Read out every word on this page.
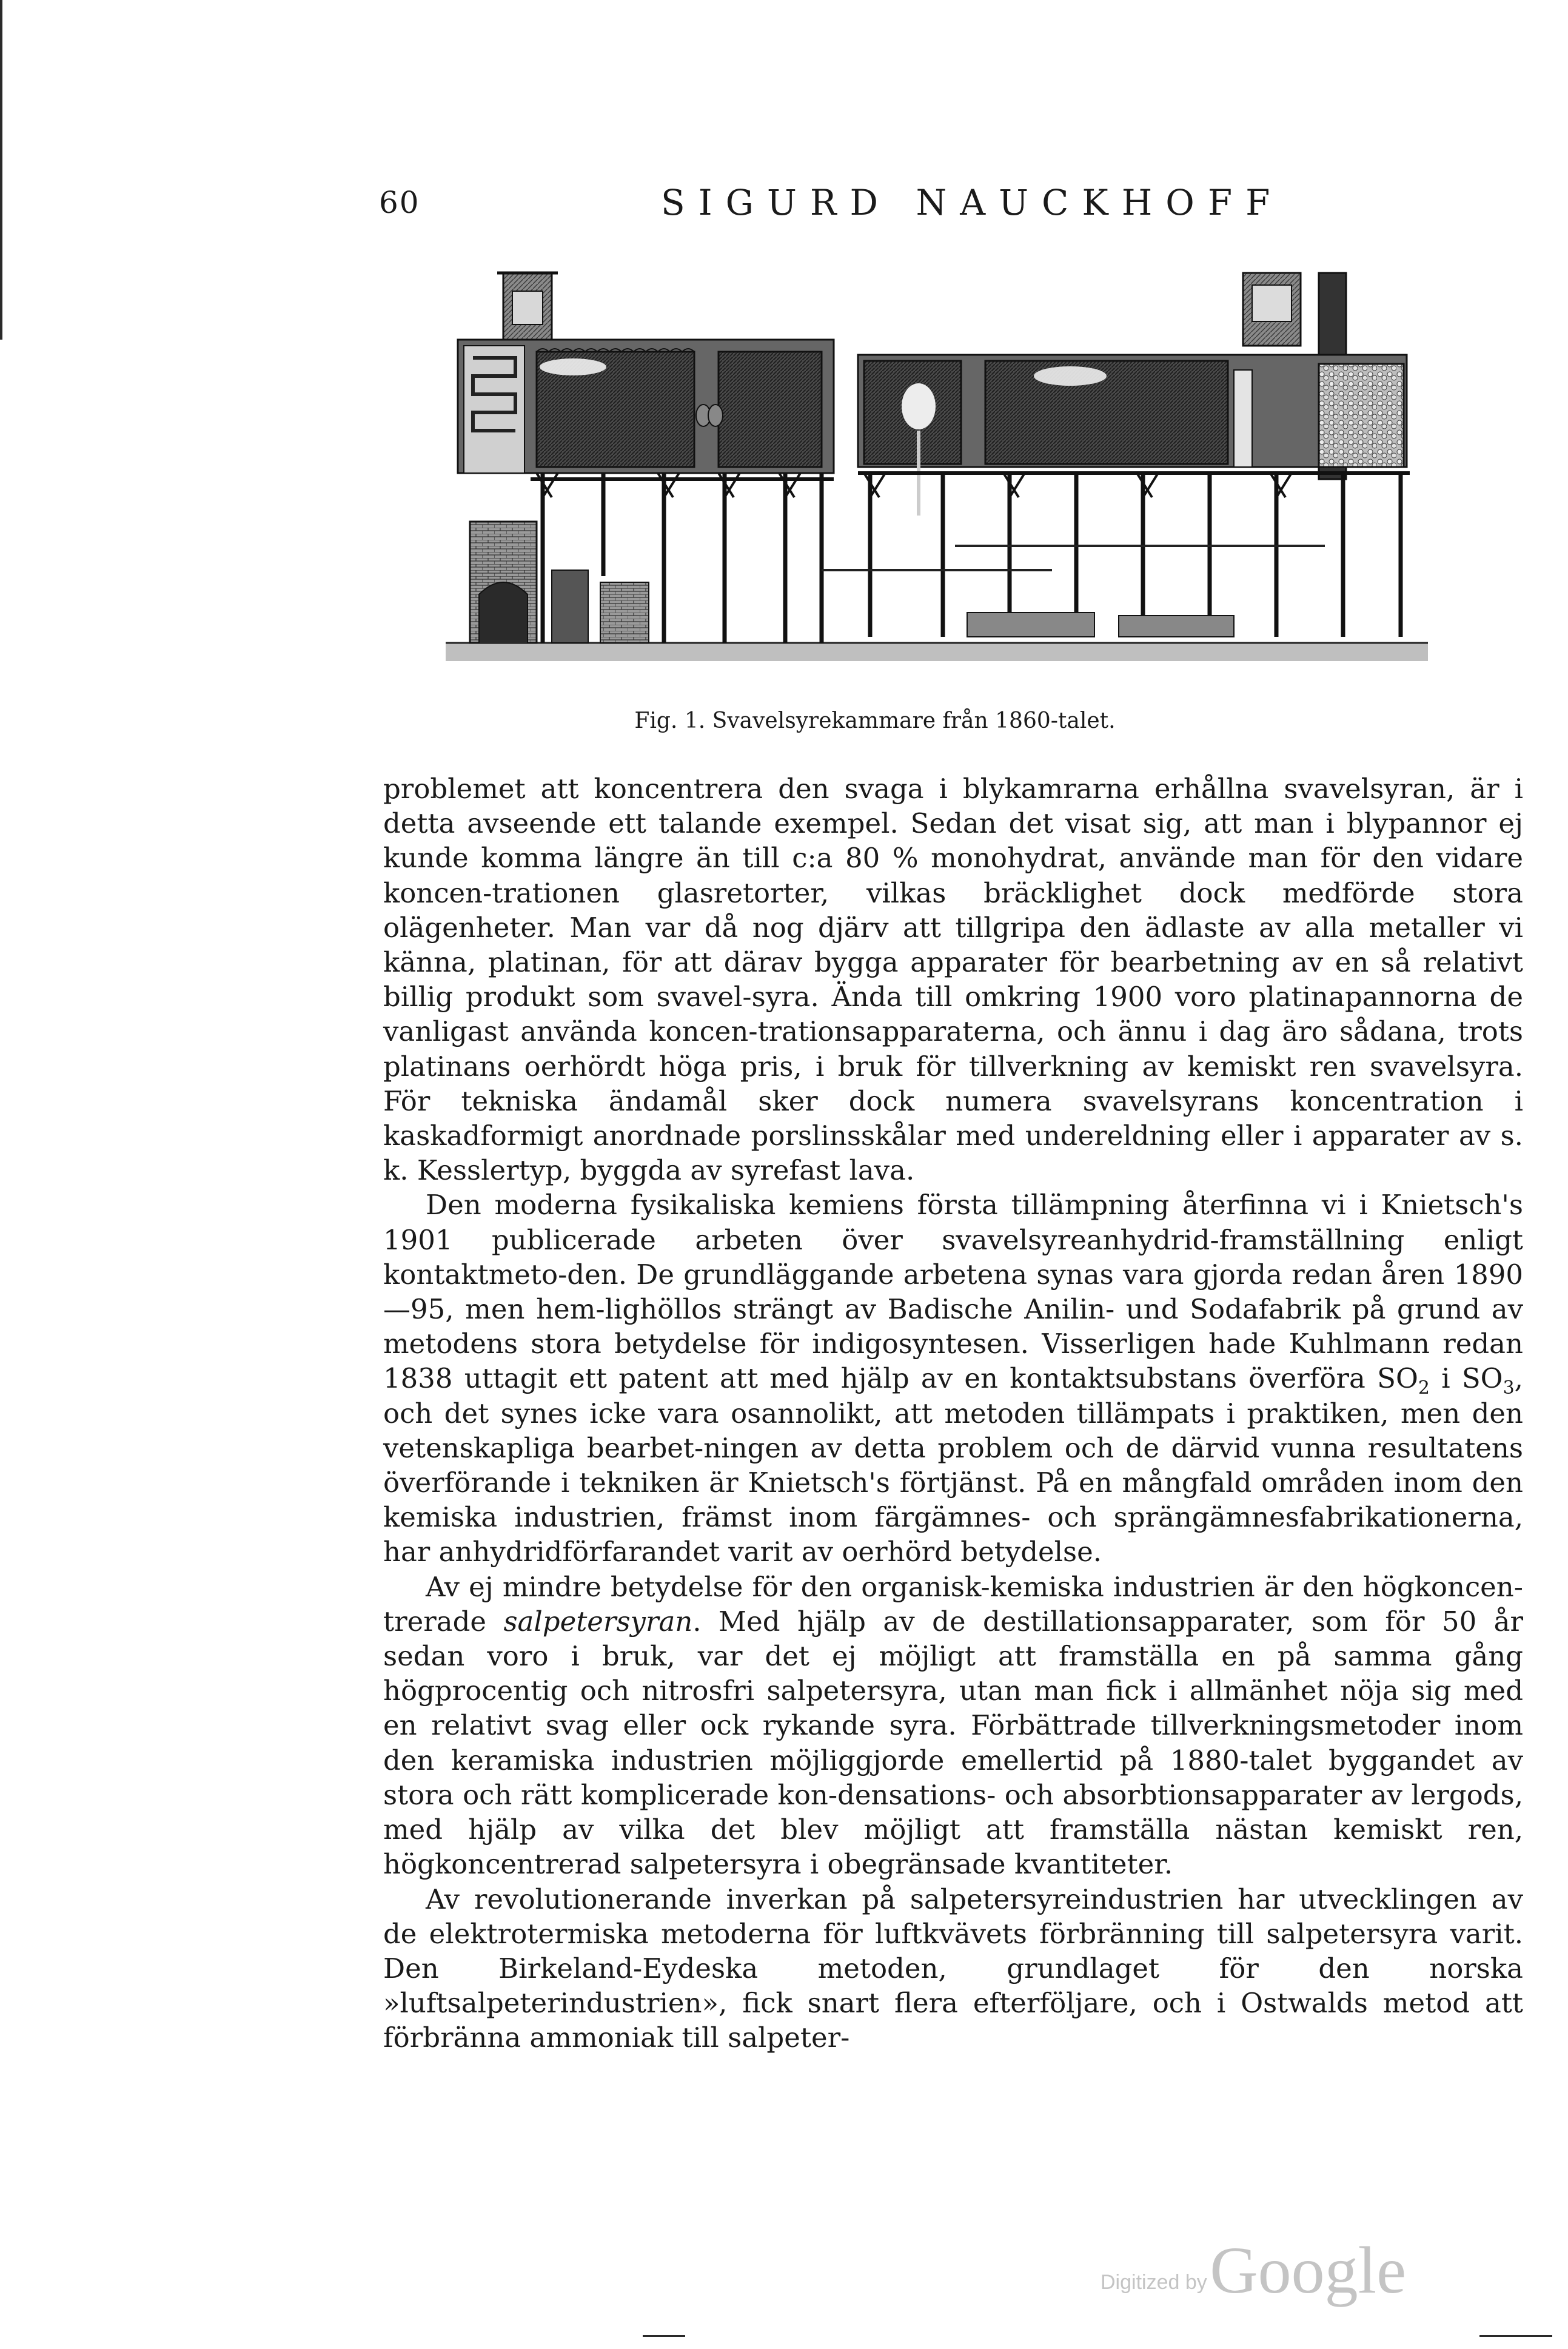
60	SIGURD NAUCKHOFF
Fig. 1. Svavelsyrekammare från 1860-talet.

problemet att koncentrera den svaga i blykamrarna erhållna svavelsyran, är i detta avseende ett talande exempel. Sedan det visat sig, att man i blypannor ej kunde komma längre än till c:a 80 % monohydrat, använde man för den vidare koncen-trationen glasretorter, vilkas bräcklighet dock medförde stora olägenheter. Man var då nog djärv att tillgripa den ädlaste av alla metaller vi känna, platinan, för att därav bygga apparater för bearbetning av en så relativt billig produkt som svavel-syra. Ända till omkring 1900 voro platinapannorna de vanligast använda koncen-trationsapparaterna, och ännu i dag äro sådana, trots platinans oerhördt höga pris, i bruk för tillverkning av kemiskt ren svavelsyra. För tekniska ändamål sker dock numera svavelsyrans koncentration i kaskadformigt anordnade porslinsskålar med undereldning eller i apparater av s. k. Kesslertyp, byggda av syrefast lava.

Den moderna fysikaliska kemiens första tillämpning återfinna vi i Knietsch's 1901 publicerade arbeten över svavelsyreanhydrid-framställning enligt kontaktmeto-den. De grundläggande arbetena synas vara gjorda redan åren 1890—95, men hem-lighöllos strängt av Badische Anilin- und Sodafabrik på grund av metodens stora betydelse för indigosyntesen. Visserligen hade Kuhlmann redan 1838 uttagit ett patent att med hjälp av en kontaktsubstans överföra $SO_2$ i $SO_3$, och det synes icke vara osannolikt, att metoden tillämpats i praktiken, men den vetenskapliga bearbet-ningen av detta problem och de därvid vunna resultatens överförande i tekniken är Knietsch's förtjänst. På en mångfald områden inom den kemiska industrien, främst inom färgämnes- och sprängämnesfabrikationerna, har anhydridförfarandet varit av oerhörd betydelse.

Av ej mindre betydelse för den organisk-kemiska industrien är den högkoncen-trerade salpetersyran. Med hjälp av de destillationsapparater, som för 50 år sedan voro i bruk, var det ej möjligt att framställa en på samma gång högprocentig och nitrosfri salpetersyra, utan man fick i allmänhet nöja sig med en relativt svag eller ock rykande syra. Förbättrade tillverkningsmetoder inom den keramiska industrien möjliggjorde emellertid på 1880-talet byggandet av stora och rätt komplicerade kon-densations- och absorbtionsapparater av lergods, med hjälp av vilka det blev möjligt att framställa nästan kemiskt ren, högkoncentrerad salpetersyra i obegränsade kvantiteter.

Av revolutionerande inverkan på salpetersyreindustrien har utvecklingen av de elektrotermiska metoderna för luftkvävets förbränning till salpetersyra varit. Den Birkeland-Eydeska metoden, grundlaget för den norska »luftsalpeterindustrien», fick snart flera efterföljare, och i Ostwalds metod att förbränna ammoniak till salpeter-

Digitized by Google
